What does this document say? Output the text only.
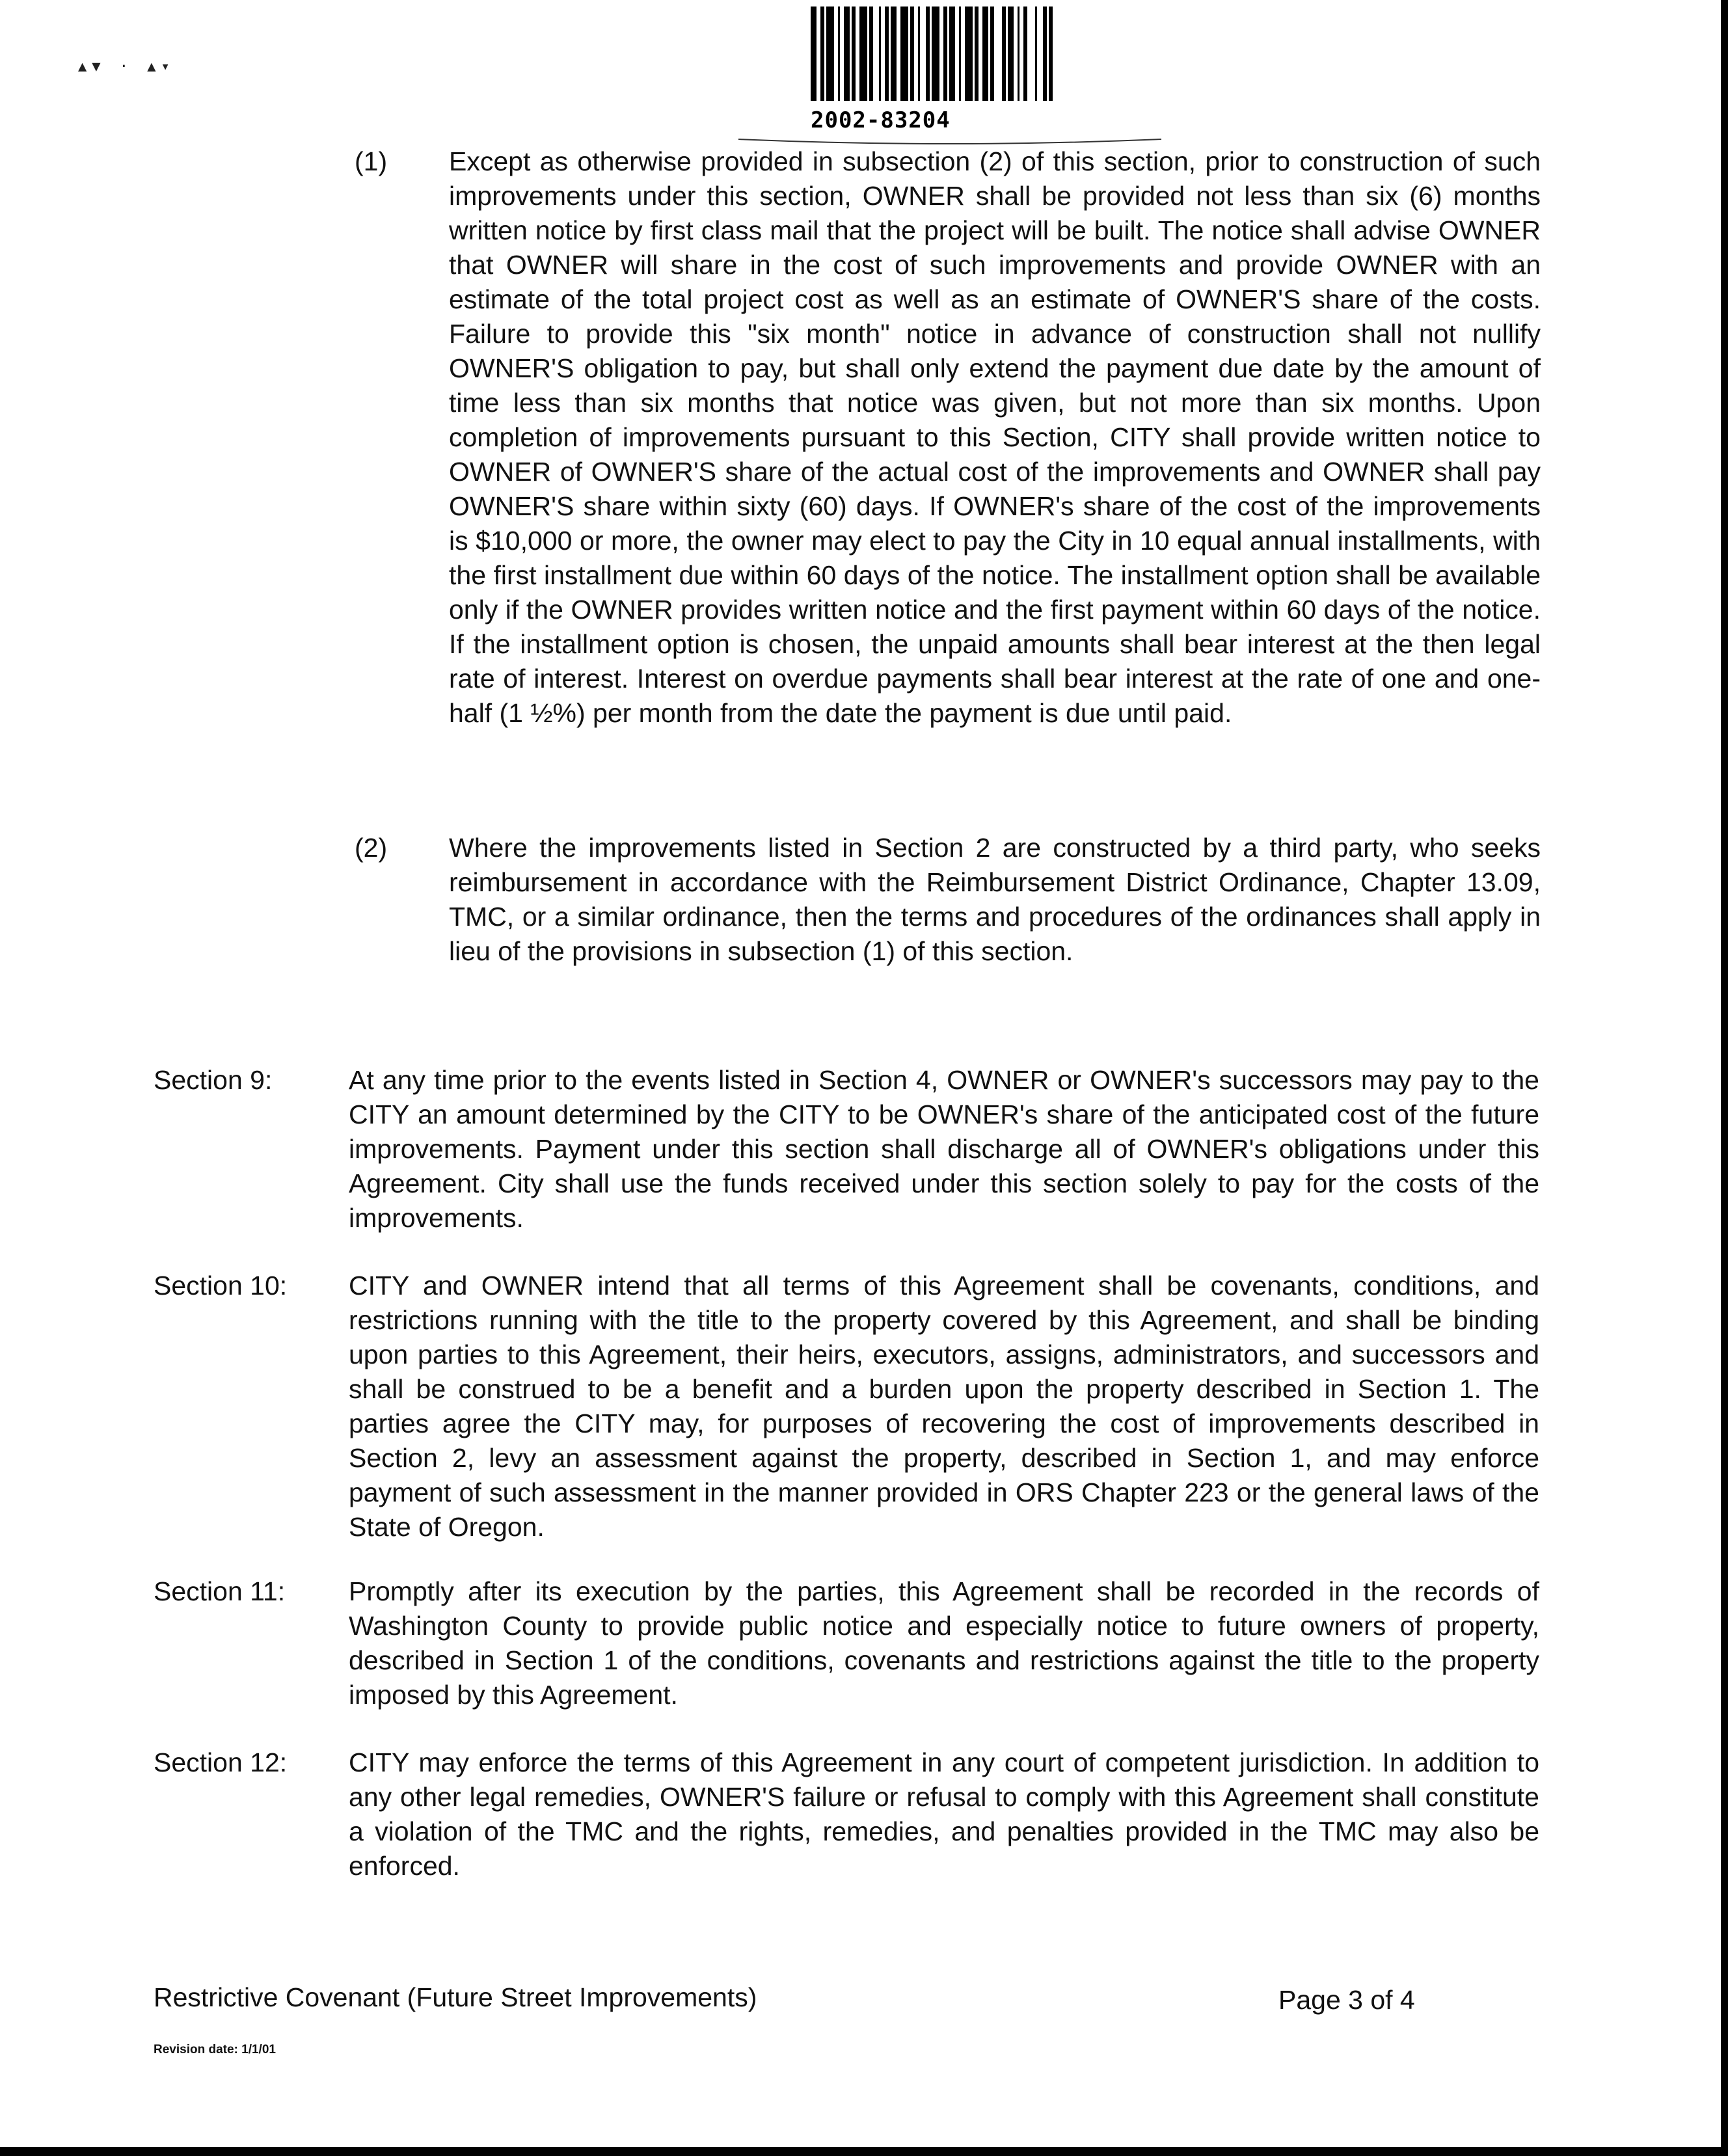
▲▼ · ▲▾
2002-83204
(1)	Except as otherwise provided in subsection (2) of this section, prior to construction of such improvements under this section, OWNER shall be provided not less than six (6) months written notice by first class mail that the project will be built. The notice shall advise OWNER that OWNER will share in the cost of such improvements and provide OWNER with an estimate of the total project cost as well as an estimate of OWNER'S share of the costs. Failure to provide this "six month" notice in advance of construction shall not nullify OWNER'S obligation to pay, but shall only extend the payment due date by the amount of time less than six months that notice was given, but not more than six months. Upon completion of improvements pursuant to this Section, CITY shall provide written notice to OWNER of OWNER'S share of the actual cost of the improvements and OWNER shall pay OWNER'S share within sixty (60) days. If OWNER's share of the cost of the improvements is $10,000 or more, the owner may elect to pay the City in 10 equal annual installments, with the first installment due within 60 days of the notice. The installment option shall be available only if the OWNER provides written notice and the first payment within 60 days of the notice. If the installment option is chosen, the unpaid amounts shall bear interest at the then legal rate of interest. Interest on overdue payments shall bear interest at the rate of one and one-half (1 ½%) per month from the date the payment is due until paid.
(2)	Where the improvements listed in Section 2 are constructed by a third party, who seeks reimbursement in accordance with the Reimbursement District Ordinance, Chapter 13.09, TMC, or a similar ordinance, then the terms and procedures of the ordinances shall apply in lieu of the provisions in subsection (1) of this section.
Section 9:	At any time prior to the events listed in Section 4, OWNER or OWNER's successors may pay to the CITY an amount determined by the CITY to be OWNER's share of the anticipated cost of the future improvements. Payment under this section shall discharge all of OWNER's obligations under this Agreement. City shall use the funds received under this section solely to pay for the costs of the improvements.
Section 10:	CITY and OWNER intend that all terms of this Agreement shall be covenants, conditions, and restrictions running with the title to the property covered by this Agreement, and shall be binding upon parties to this Agreement, their heirs, executors, assigns, administrators, and successors and shall be construed to be a benefit and a burden upon the property described in Section 1. The parties agree the CITY may, for purposes of recovering the cost of improvements described in Section 2, levy an assessment against the property, described in Section 1, and may enforce payment of such assessment in the manner provided in ORS Chapter 223 or the general laws of the State of Oregon.
Section 11:	Promptly after its execution by the parties, this Agreement shall be recorded in the records of Washington County to provide public notice and especially notice to future owners of property, described in Section 1 of the conditions, covenants and restrictions against the title to the property imposed by this Agreement.
Section 12:	CITY may enforce the terms of this Agreement in any court of competent jurisdiction. In addition to any other legal remedies, OWNER'S failure or refusal to comply with this Agreement shall constitute a violation of the TMC and the rights, remedies, and penalties provided in the TMC may also be enforced.
Restrictive Covenant (Future Street Improvements)	Page 3 of 4
Revision date: 1/1/01
